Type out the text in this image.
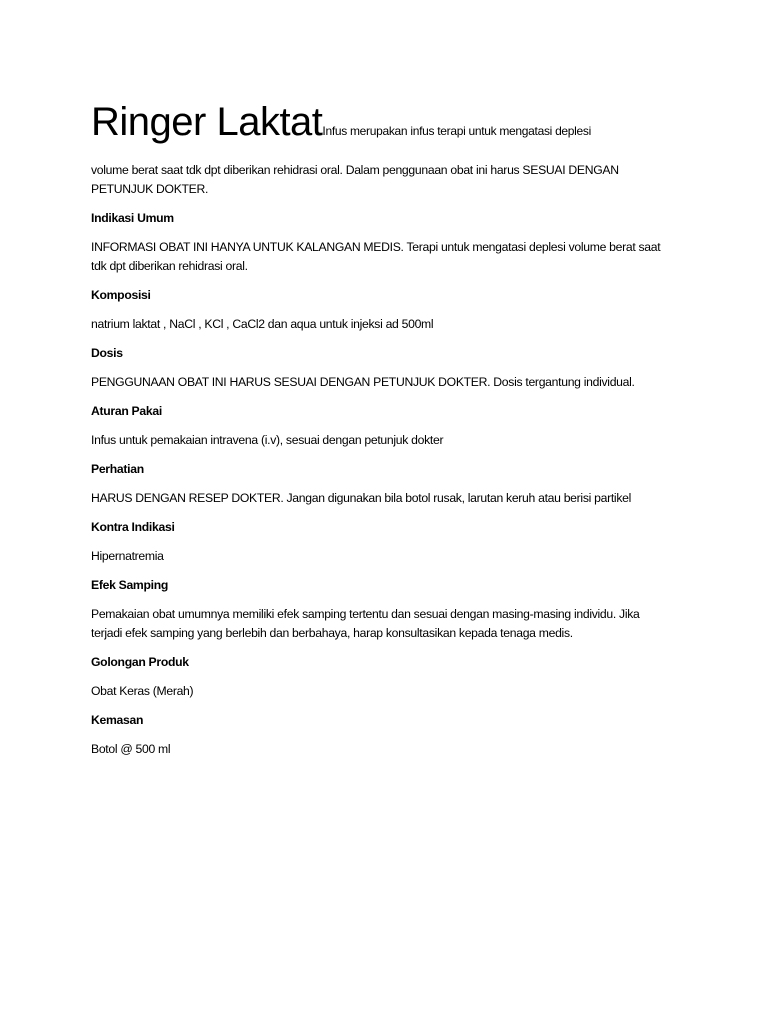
Ringer LaktatInfus merupakan infus terapi untuk mengatasi deplesi

volume berat saat tdk dpt diberikan rehidrasi oral. Dalam penggunaan obat ini harus SESUAI DENGAN PETUNJUK DOKTER.

Indikasi Umum

INFORMASI OBAT INI HANYA UNTUK KALANGAN MEDIS. Terapi untuk mengatasi deplesi volume berat saat tdk dpt diberikan rehidrasi oral.

Komposisi

natrium laktat , NaCl , KCl , CaCl2 dan aqua untuk injeksi ad 500ml

Dosis

PENGGUNAAN OBAT INI HARUS SESUAI DENGAN PETUNJUK DOKTER. Dosis tergantung individual.

Aturan Pakai

Infus untuk pemakaian intravena (i.v), sesuai dengan petunjuk dokter

Perhatian

HARUS DENGAN RESEP DOKTER. Jangan digunakan bila botol rusak, larutan keruh atau berisi partikel

Kontra Indikasi

Hipernatremia

Efek Samping

Pemakaian obat umumnya memiliki efek samping tertentu dan sesuai dengan masing-masing individu. Jika terjadi efek samping yang berlebih dan berbahaya, harap konsultasikan kepada tenaga medis.

Golongan Produk

Obat Keras (Merah)

Kemasan

Botol @ 500 ml
